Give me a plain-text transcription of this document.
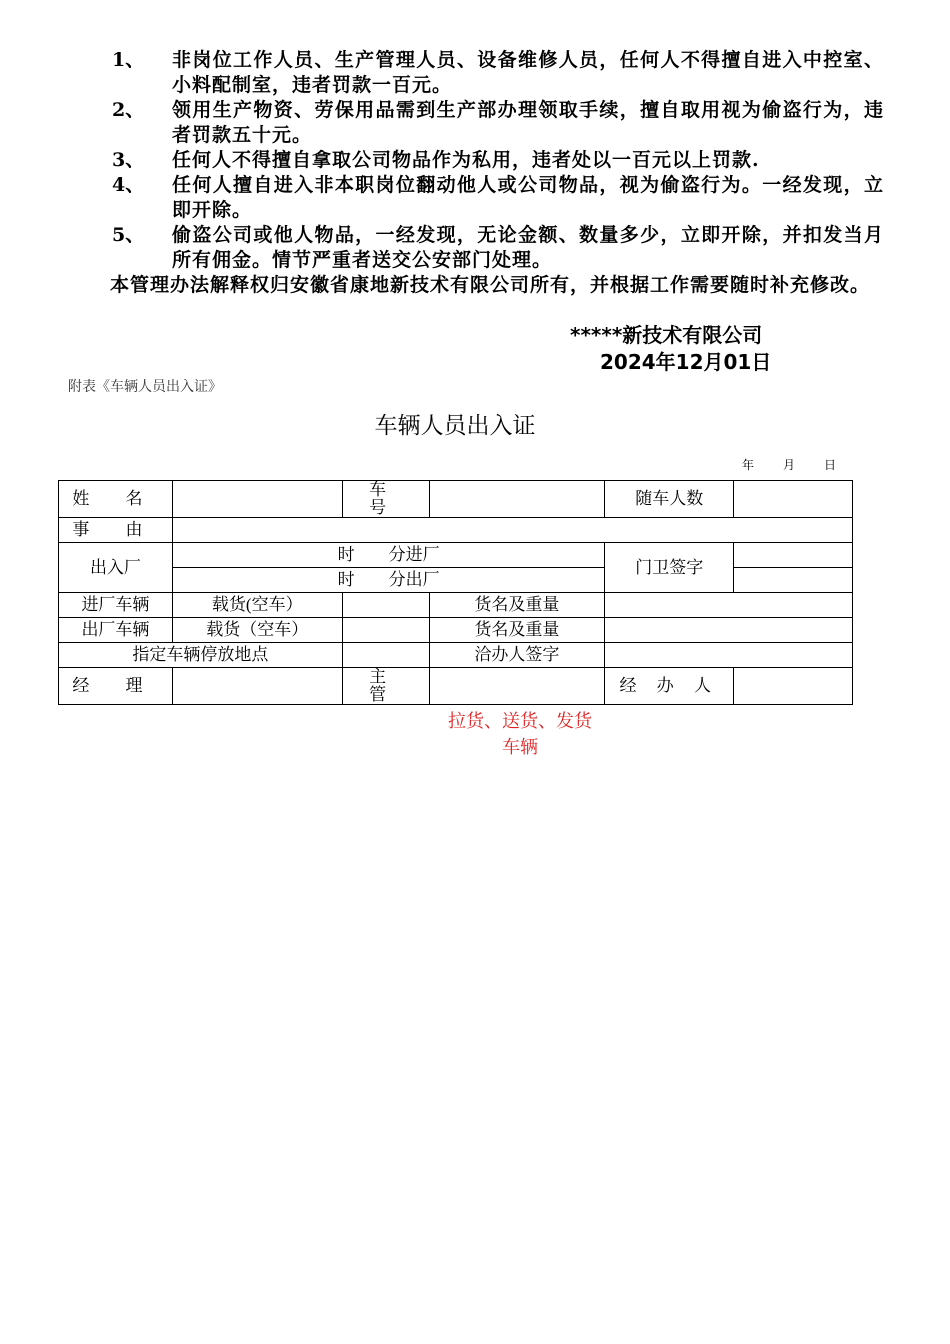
1、	非岗位工作人员、生产管理人员、设备维修人员，任何人不得擅自进入中控室、小料配制室，违者罚款一百元。
2、	领用生产物资、劳保用品需到生产部办理领取手续，擅自取用视为偷盗行为，违者罚款五十元。
3、	任何人不得擅自拿取公司物品作为私用，违者处以一百元以上罚款.
4、	任何人擅自进入非本职岗位翻动他人或公司物品，视为偷盗行为。一经发现，立即开除。
5、	偷盗公司或他人物品，一经发现，无论金额、数量多少，立即开除，并扣发当月所有佣金。情节严重者送交公安部门处理。
本管理办法解释权归安徽省康地新技术有限公司所有，并根据工作需要随时补充修改。
*****新技术有限公司
2024年12月01日
附表《车辆人员出入证》
车辆人员出入证
年 月 日
姓 名		车 号		随车人数	
事 由					
出入厂	时　　分进厂			门卫签字	
	时　　分出厂				
进厂车辆	载货(空车）		货名及重量		
出厂车辆	载货（空车）		货名及重量		
指定车辆停放地点			洽办人签字		
经 理		主 管		经 办 人	
拉货、送货、发货
车辆
